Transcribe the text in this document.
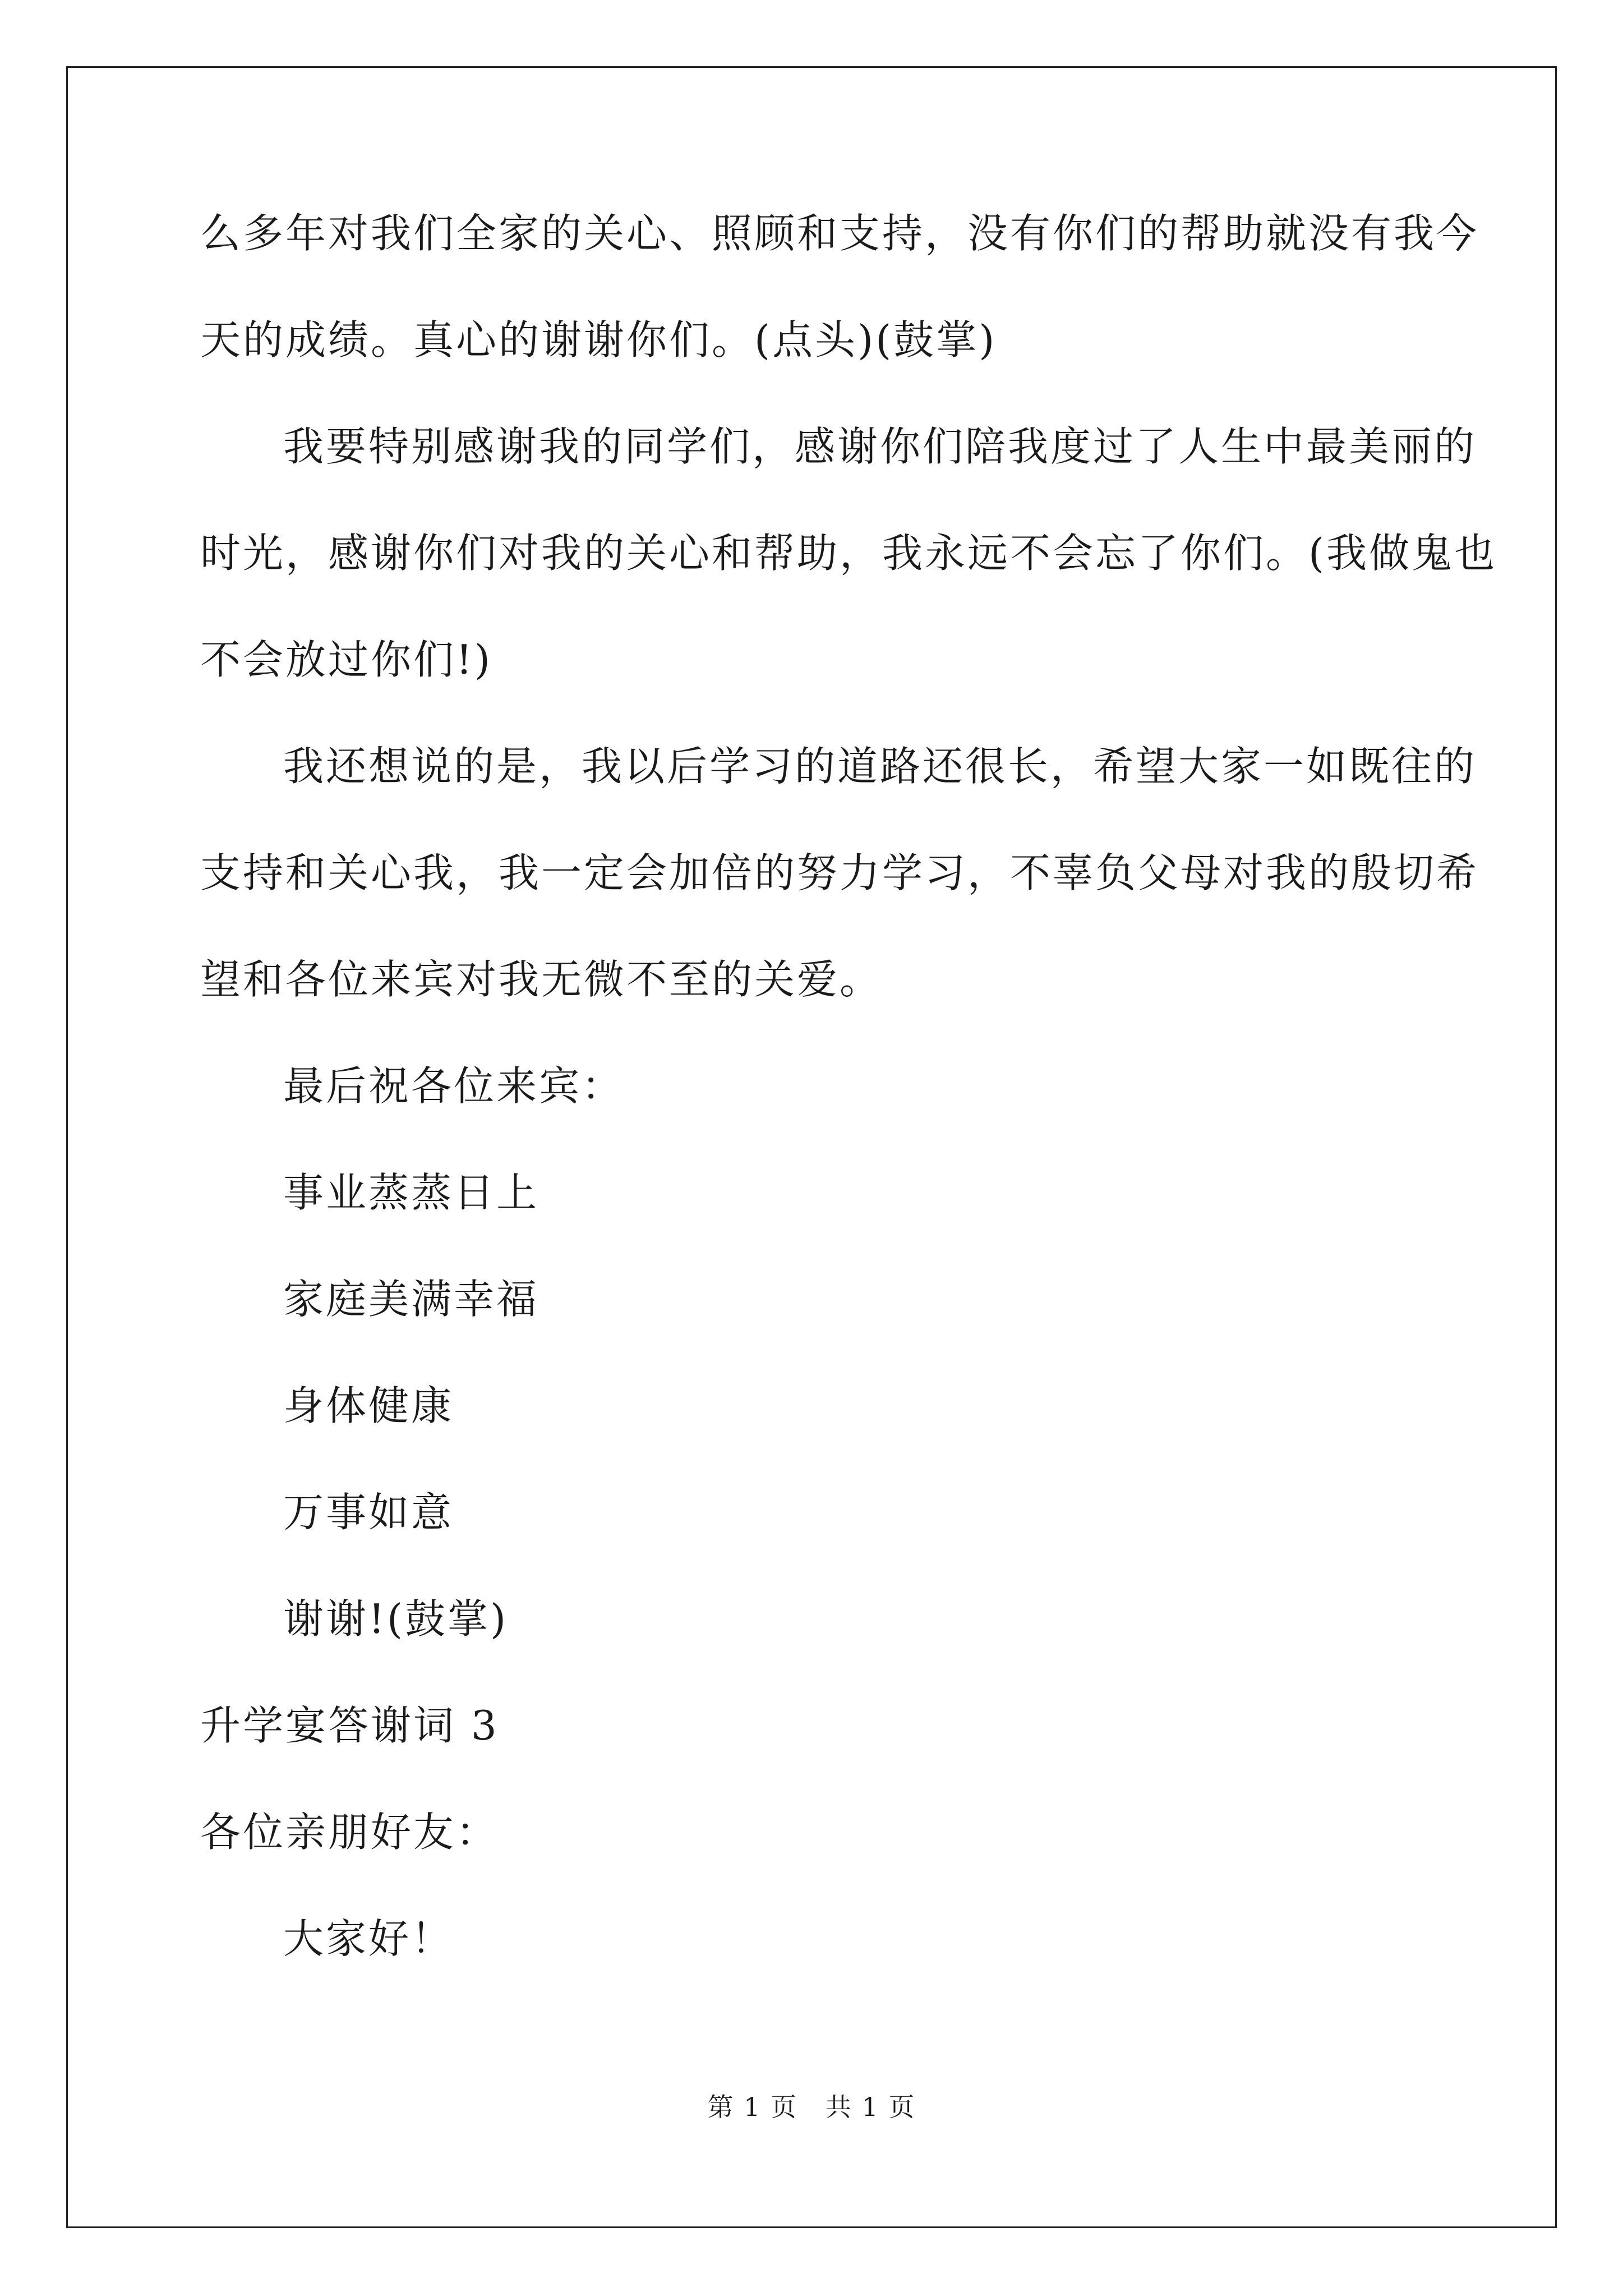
么多年对我们全家的关心、照顾和支持，没有你们的帮助就没有我今
天的成绩。真心的谢谢你们。(点头)(鼓掌)
我要特别感谢我的同学们，感谢你们陪我度过了人生中最美丽的
时光，感谢你们对我的关心和帮助，我永远不会忘了你们。(我做鬼也
不会放过你们!)
我还想说的是，我以后学习的道路还很长，希望大家一如既往的
支持和关心我，我一定会加倍的努力学习，不辜负父母对我的殷切希
望和各位来宾对我无微不至的关爱。
最后祝各位来宾：
事业蒸蒸日上
家庭美满幸福
身体健康
万事如意
谢谢!(鼓掌)
升学宴答谢词 3
各位亲朋好友：
大家好！
第 1 页   共 1 页
